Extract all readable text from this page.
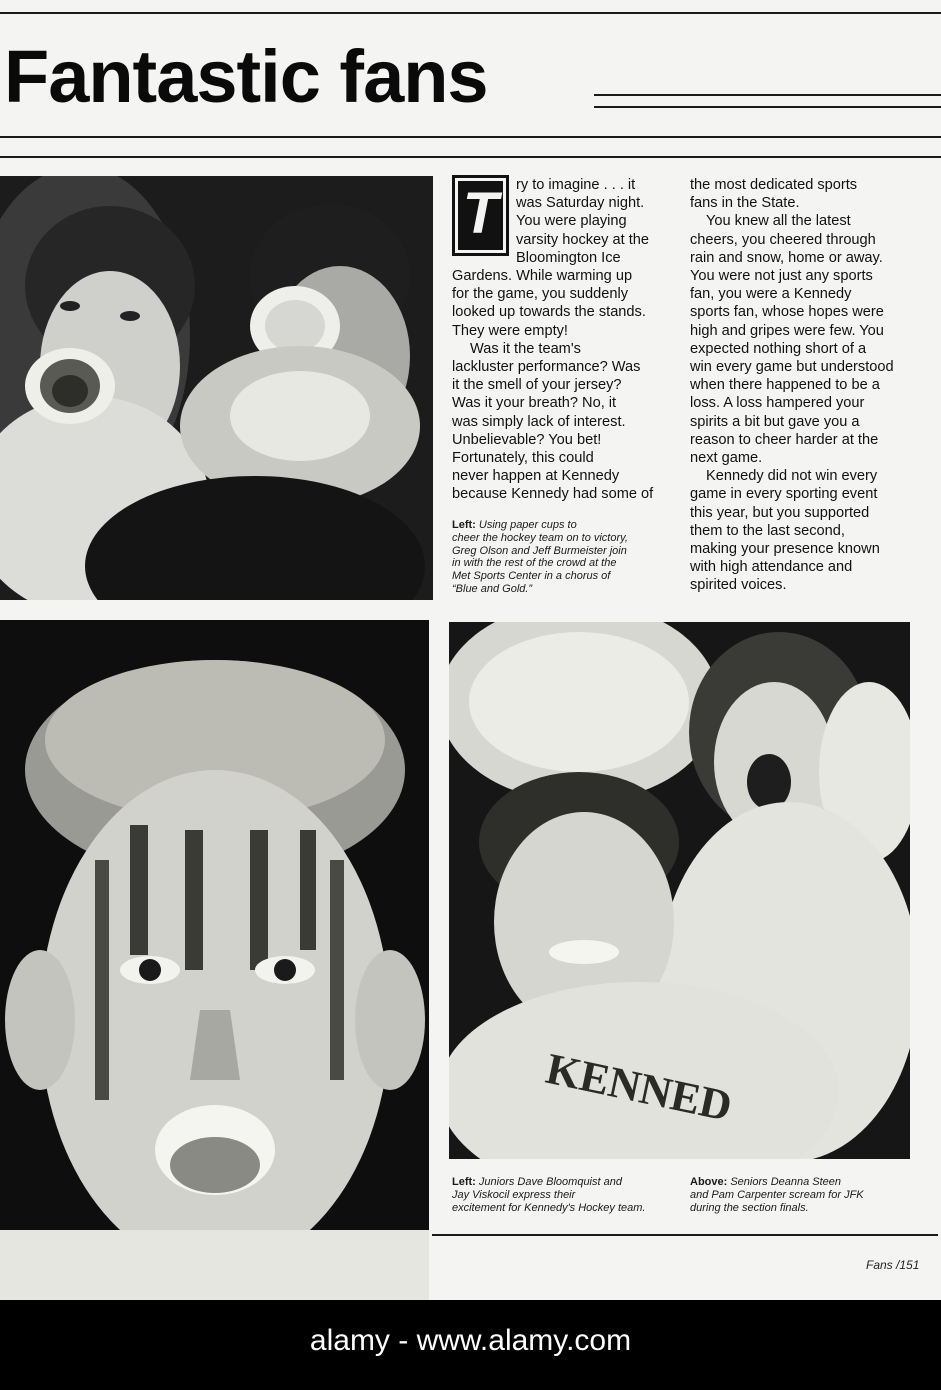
Fantastic fans
T	ry to imagine . . . it
was Saturday night.
You were playing
varsity hockey at the
Bloomington Ice
Gardens. While warming up
for the game, you suddenly
looked up towards the stands.
They were empty!
Was it the team's
lackluster performance? Was
it the smell of your jersey?
Was it your breath? No, it
was simply lack of interest.
Unbelievable? You bet!
Fortunately, this could
never happen at Kennedy
because Kennedy had some of
the most dedicated sports
fans in the State.
You knew all the latest
cheers, you cheered through
rain and snow, home or away.
You were not just any sports
fan, you were a Kennedy
sports fan, whose hopes were
high and gripes were few. You
expected nothing short of a
win every game but understood
when there happened to be a
loss. A loss hampered your
spirits a bit but gave you a
reason to cheer harder at the
next game.
Kennedy did not win every
game in every sporting event
this year, but you supported
them to the last second,
making your presence known
with high attendance and
spirited voices.
Left: Using paper cups to
cheer the hockey team on to victory,
Greg Olson and Jeff Burmeister join
in with the rest of the crowd at the
Met Sports Center in a chorus of
“Blue and Gold.”
KENNED
Left: Juniors Dave Bloomquist and
Jay Viskocil express their
excitement for Kennedy's Hockey team.
Above: Seniors Deanna Steen
and Pam Carpenter scream for JFK
during the section finals.
Fans /151
alamy - www.alamy.com
